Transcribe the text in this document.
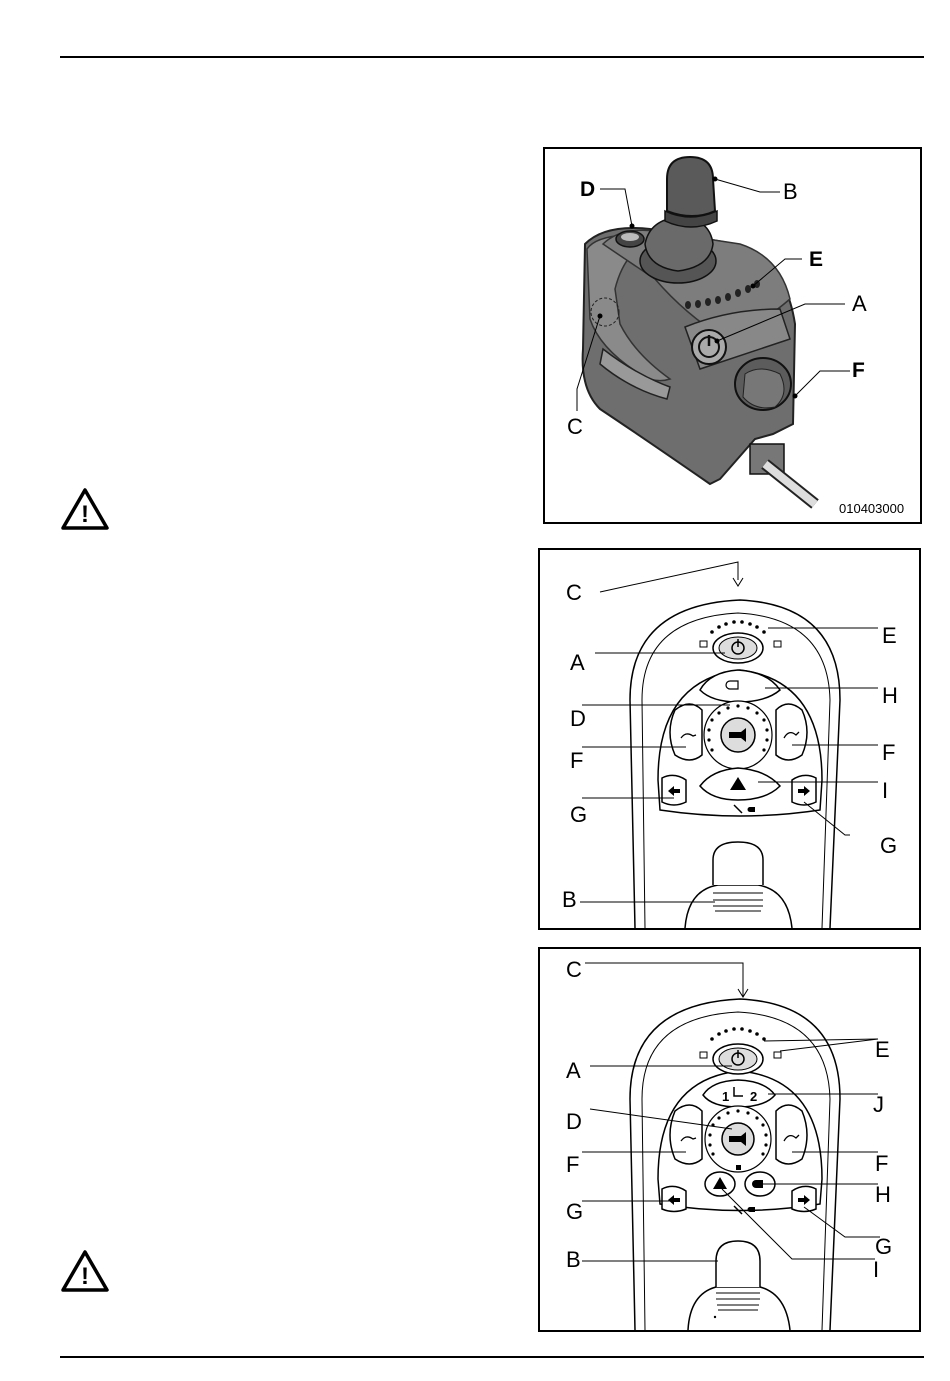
!
!
D	B
E
A
F
C
010403000
C
E
A
H
D
F	F
I
G
G
B
1 2
C
E
A
J
D
F	F
H
G
G
I
B
